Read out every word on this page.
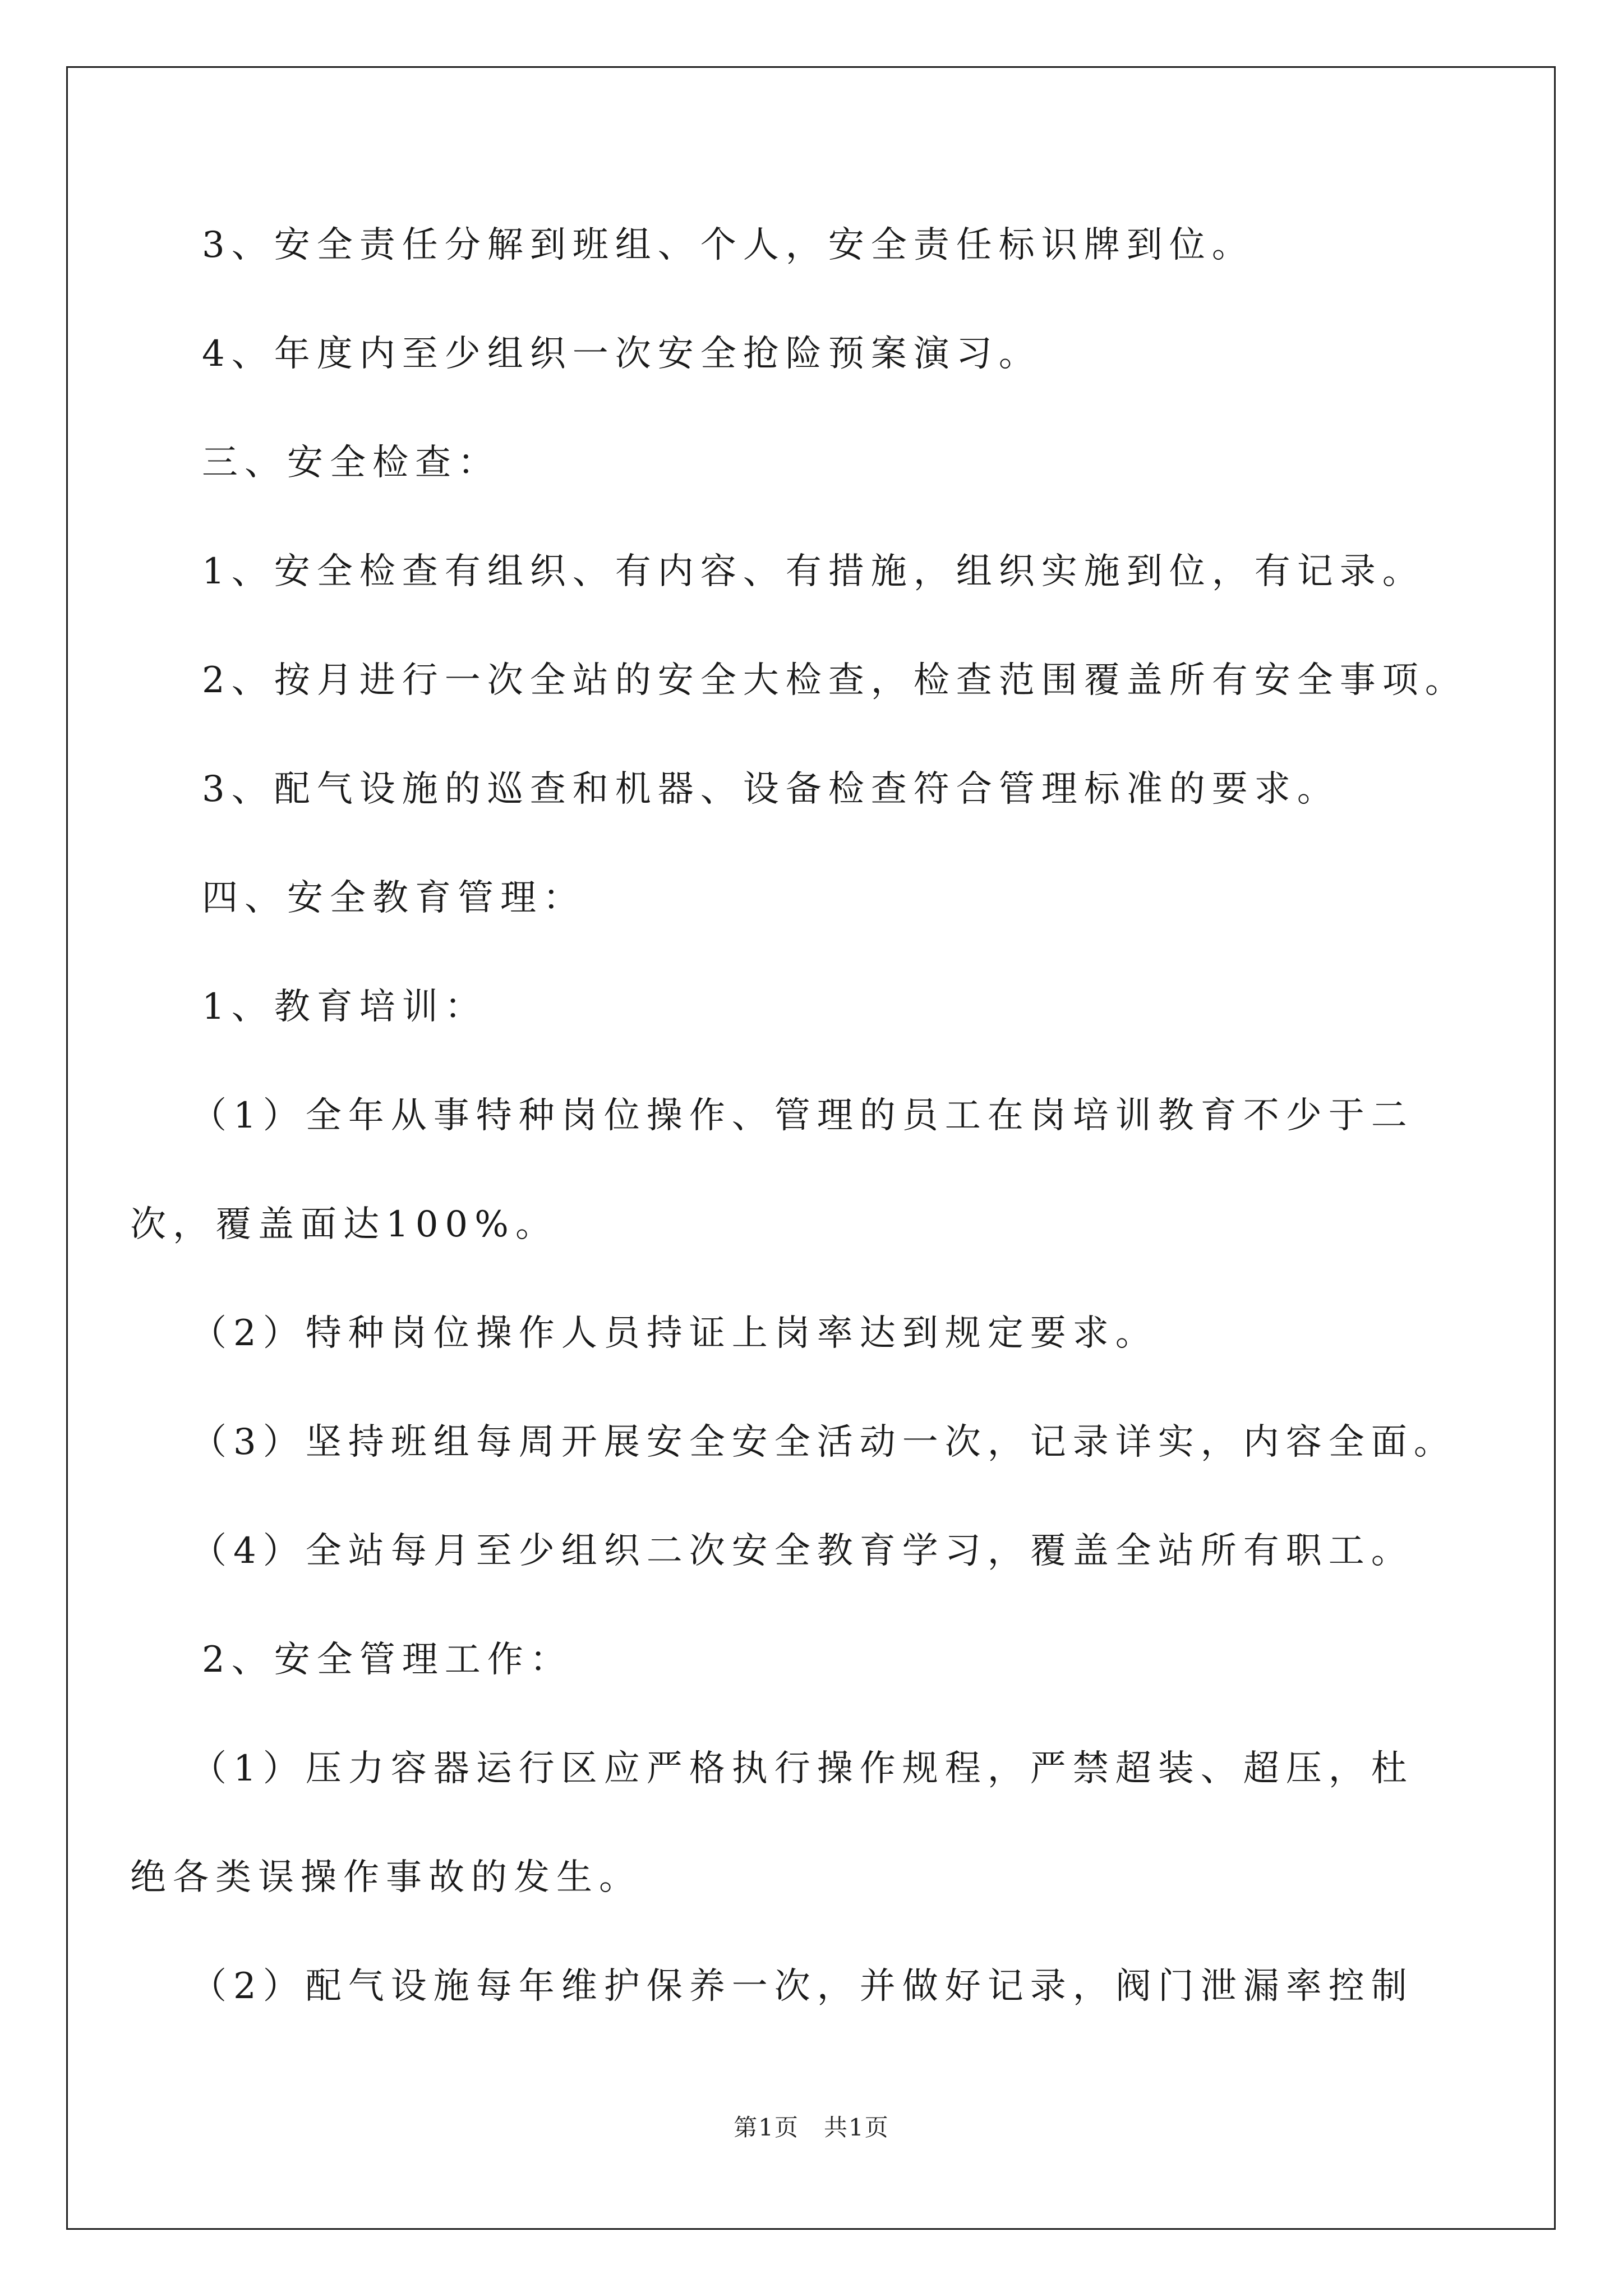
3、安全责任分解到班组、个人，安全责任标识牌到位。

4、年度内至少组织一次安全抢险预案演习。

三、安全检查：

1、安全检查有组织、有内容、有措施，组织实施到位，有记录。

2、按月进行一次全站的安全大检查，检查范围覆盖所有安全事项。

3、配气设施的巡查和机器、设备检查符合管理标准的要求。

四、安全教育管理：

1、教育培训：

（1）全年从事特种岗位操作、管理的员工在岗培训教育不少于二

次，覆盖面达100%。

（2）特种岗位操作人员持证上岗率达到规定要求。

（3）坚持班组每周开展安全安全活动一次，记录详实，内容全面。

（4）全站每月至少组织二次安全教育学习，覆盖全站所有职工。

2、安全管理工作：

（1）压力容器运行区应严格执行操作规程，严禁超装、超压，杜

绝各类误操作事故的发生。

（2）配气设施每年维护保养一次，并做好记录，阀门泄漏率控制

第1页　共1页
